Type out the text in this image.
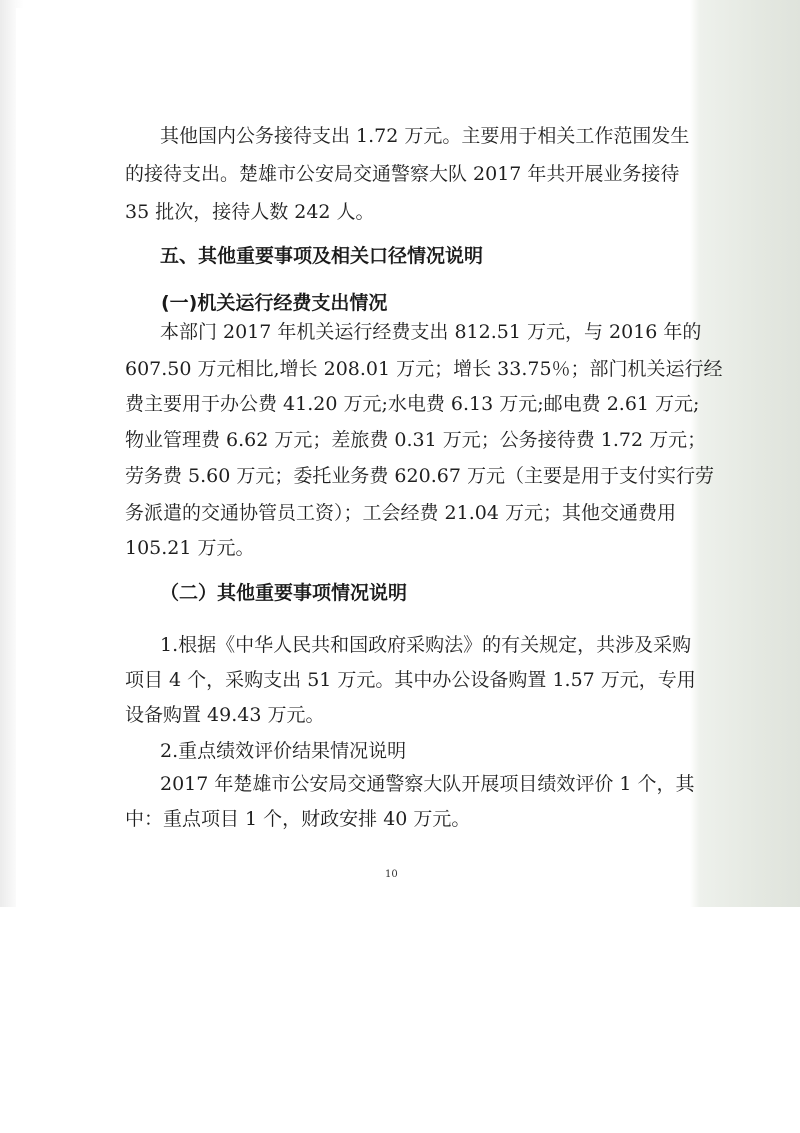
其他国内公务接待支出 1.72 万元。主要用于相关工作范围发生
的接待支出。楚雄市公安局交通警察大队 2017 年共开展业务接待
35 批次，接待人数 242 人。
五、其他重要事项及相关口径情况说明
(一)机关运行经费支出情况
本部门 2017 年机关运行经费支出 812.51 万元，与 2016 年的
607.50 万元相比,增长 208.01 万元；增长 33.75％；部门机关运行经
费主要用于办公费 41.20 万元;水电费 6.13 万元;邮电费 2.61 万元;
物业管理费 6.62 万元；差旅费 0.31 万元；公务接待费 1.72 万元；
劳务费 5.60 万元；委托业务费 620.67 万元（主要是用于支付实行劳
务派遣的交通协管员工资）；工会经费 21.04 万元；其他交通费用
105.21 万元。
（二）其他重要事项情况说明
1.根据《中华人民共和国政府采购法》的有关规定，共涉及采购
项目 4 个，采购支出 51 万元。其中办公设备购置 1.57 万元，专用
设备购置 49.43 万元。
2.重点绩效评价结果情况说明
2017 年楚雄市公安局交通警察大队开展项目绩效评价 1 个，其
中：重点项目 1 个，财政安排 40 万元。
10
